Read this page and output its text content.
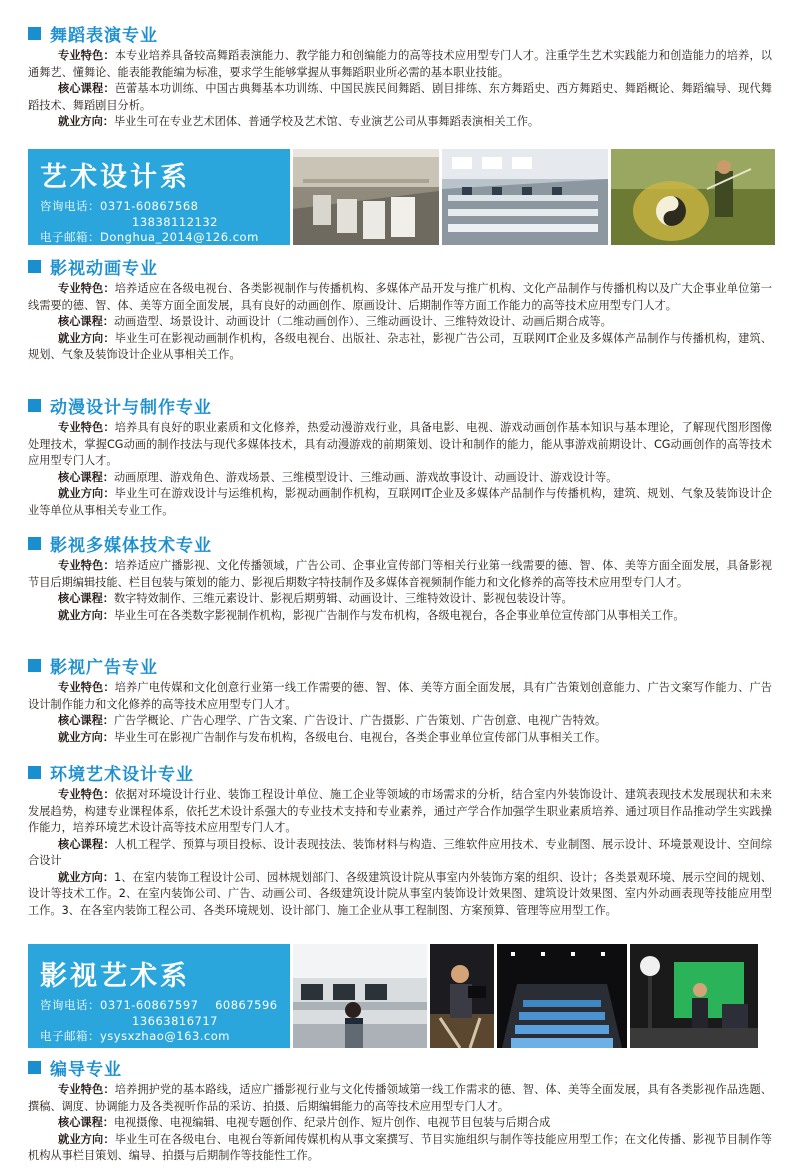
舞蹈表演专业

专业特色：本专业培养具备较高舞蹈表演能力、教学能力和创编能力的高等技术应用型专门人才。注重学生艺术实践能力和创造能力的培养，以通舞艺、懂舞论、能表能教能编为标准，要求学生能够掌握从事舞蹈职业所必需的基本职业技能。

核心课程：芭蕾基本功训练、中国古典舞基本功训练、中国民族民间舞蹈、剧目排练、东方舞蹈史、西方舞蹈史、舞蹈概论、舞蹈编导、现代舞蹈技术、舞蹈剧目分析。

就业方向：毕业生可在专业艺术团体、普通学校及艺术馆、专业演艺公司从事舞蹈表演相关工作。

艺术设计系
咨询电话：0371-60867568
13838112132
电子邮箱：Donghua_2014@126.com
影视动画专业

专业特色：培养适应在各级电视台、各类影视制作与传播机构、多媒体产品开发与推广机构、文化产品制作与传播机构以及广大企事业单位第一线需要的德、智、体、美等方面全面发展，具有良好的动画创作、原画设计、后期制作等方面工作能力的高等技术应用型专门人才。

核心课程：动画造型、场景设计、动画设计（二维动画创作）、三维动画设计、三维特效设计、动画后期合成等。

就业方向：毕业生可在影视动画制作机构，各级电视台、出版社、杂志社，影视广告公司，互联网IT企业及多媒体产品制作与传播机构，建筑、规划、气象及装饰设计企业从事相关工作。

动漫设计与制作专业

专业特色：培养具有良好的职业素质和文化修养，热爱动漫游戏行业，具备电影、电视、游戏动画创作基本知识与基本理论，了解现代图形图像处理技术，掌握CG动画的制作技法与现代多媒体技术，具有动漫游戏的前期策划、设计和制作的能力，能从事游戏前期设计、CG动画创作的高等技术应用型专门人才。

核心课程：动画原理、游戏角色、游戏场景、三维模型设计、三维动画、游戏故事设计、动画设计、游戏设计等。

就业方向：毕业生可在游戏设计与运维机构，影视动画制作机构，互联网IT企业及多媒体产品制作与传播机构，建筑、规划、气象及装饰设计企业等单位从事相关专业工作。

影视多媒体技术专业

专业特色：培养适应广播影视、文化传播领域，广告公司、企事业宣传部门等相关行业第一线需要的德、智、体、美等方面全面发展，具备影视节目后期编辑技能、栏目包装与策划的能力、影视后期数字特技制作及多媒体音视频制作能力和文化修养的高等技术应用型专门人才。

核心课程：数字特效制作、三维元素设计、影视后期剪辑、动画设计、三维特效设计、影视包装设计等。

就业方向：毕业生可在各类数字影视制作机构，影视广告制作与发布机构，各级电视台，各企事业单位宣传部门从事相关工作。

影视广告专业

专业特色：培养广电传媒和文化创意行业第一线工作需要的德、智、体、美等方面全面发展，具有广告策划创意能力、广告文案写作能力、广告设计制作能力和文化修养的高等技术应用型专门人才。

核心课程：广告学概论、广告心理学、广告文案、广告设计、广告摄影、广告策划、广告创意、电视广告特效。

就业方向：毕业生可在影视广告制作与发布机构，各级电台、电视台，各类企事业单位宣传部门从事相关工作。

环境艺术设计专业

专业特色：依据对环境设计行业、装饰工程设计单位、施工企业等领域的市场需求的分析，结合室内外装饰设计、建筑表现技术发展现状和未来发展趋势，构建专业课程体系，依托艺术设计系强大的专业技术支持和专业素养，通过产学合作加强学生职业素质培养、通过项目作品推动学生实践操作能力，培养环境艺术设计高等技术应用型专门人才。

核心课程：人机工程学、预算与项目投标、设计表现技法、装饰材料与构造、三维软件应用技术、专业制图、展示设计、环境景观设计、空间综合设计

就业方向：1、在室内装饰工程设计公司、园林规划部门、各级建筑设计院从事室内外装饰方案的组织、设计；各类景观环境、展示空间的规划、设计等技术工作。2、在室内装饰公司、广告、动画公司、各级建筑设计院从事室内装饰设计效果图、建筑设计效果图、室内外动画表现等技能应用型工作。3、在各室内装饰工程公司、各类环境规划、设计部门、施工企业从事工程制图、方案预算、管理等应用型工作。

影视艺术系
咨询电话：0371-60867597    60867596
13663816717
电子邮箱：ysysxzhao@163.com
编导专业

专业特色：培养拥护党的基本路线，适应广播影视行业与文化传播领域第一线工作需求的德、智、体、美等全面发展，具有各类影视作品选题、撰稿、调度、协调能力及各类视听作品的采访、拍摄、后期编辑能力的高等技术应用型专门人才。

核心课程：电视摄像、电视编辑、电视专题创作、纪录片创作、短片创作、电视节目包装与后期合成

就业方向：毕业生可在各级电台、电视台等新闻传媒机构从事文案撰写、节目实施组织与制作等技能应用型工作；在文化传播、影视节目制作等机构从事栏目策划、编导、拍摄与后期制作等技能性工作。
